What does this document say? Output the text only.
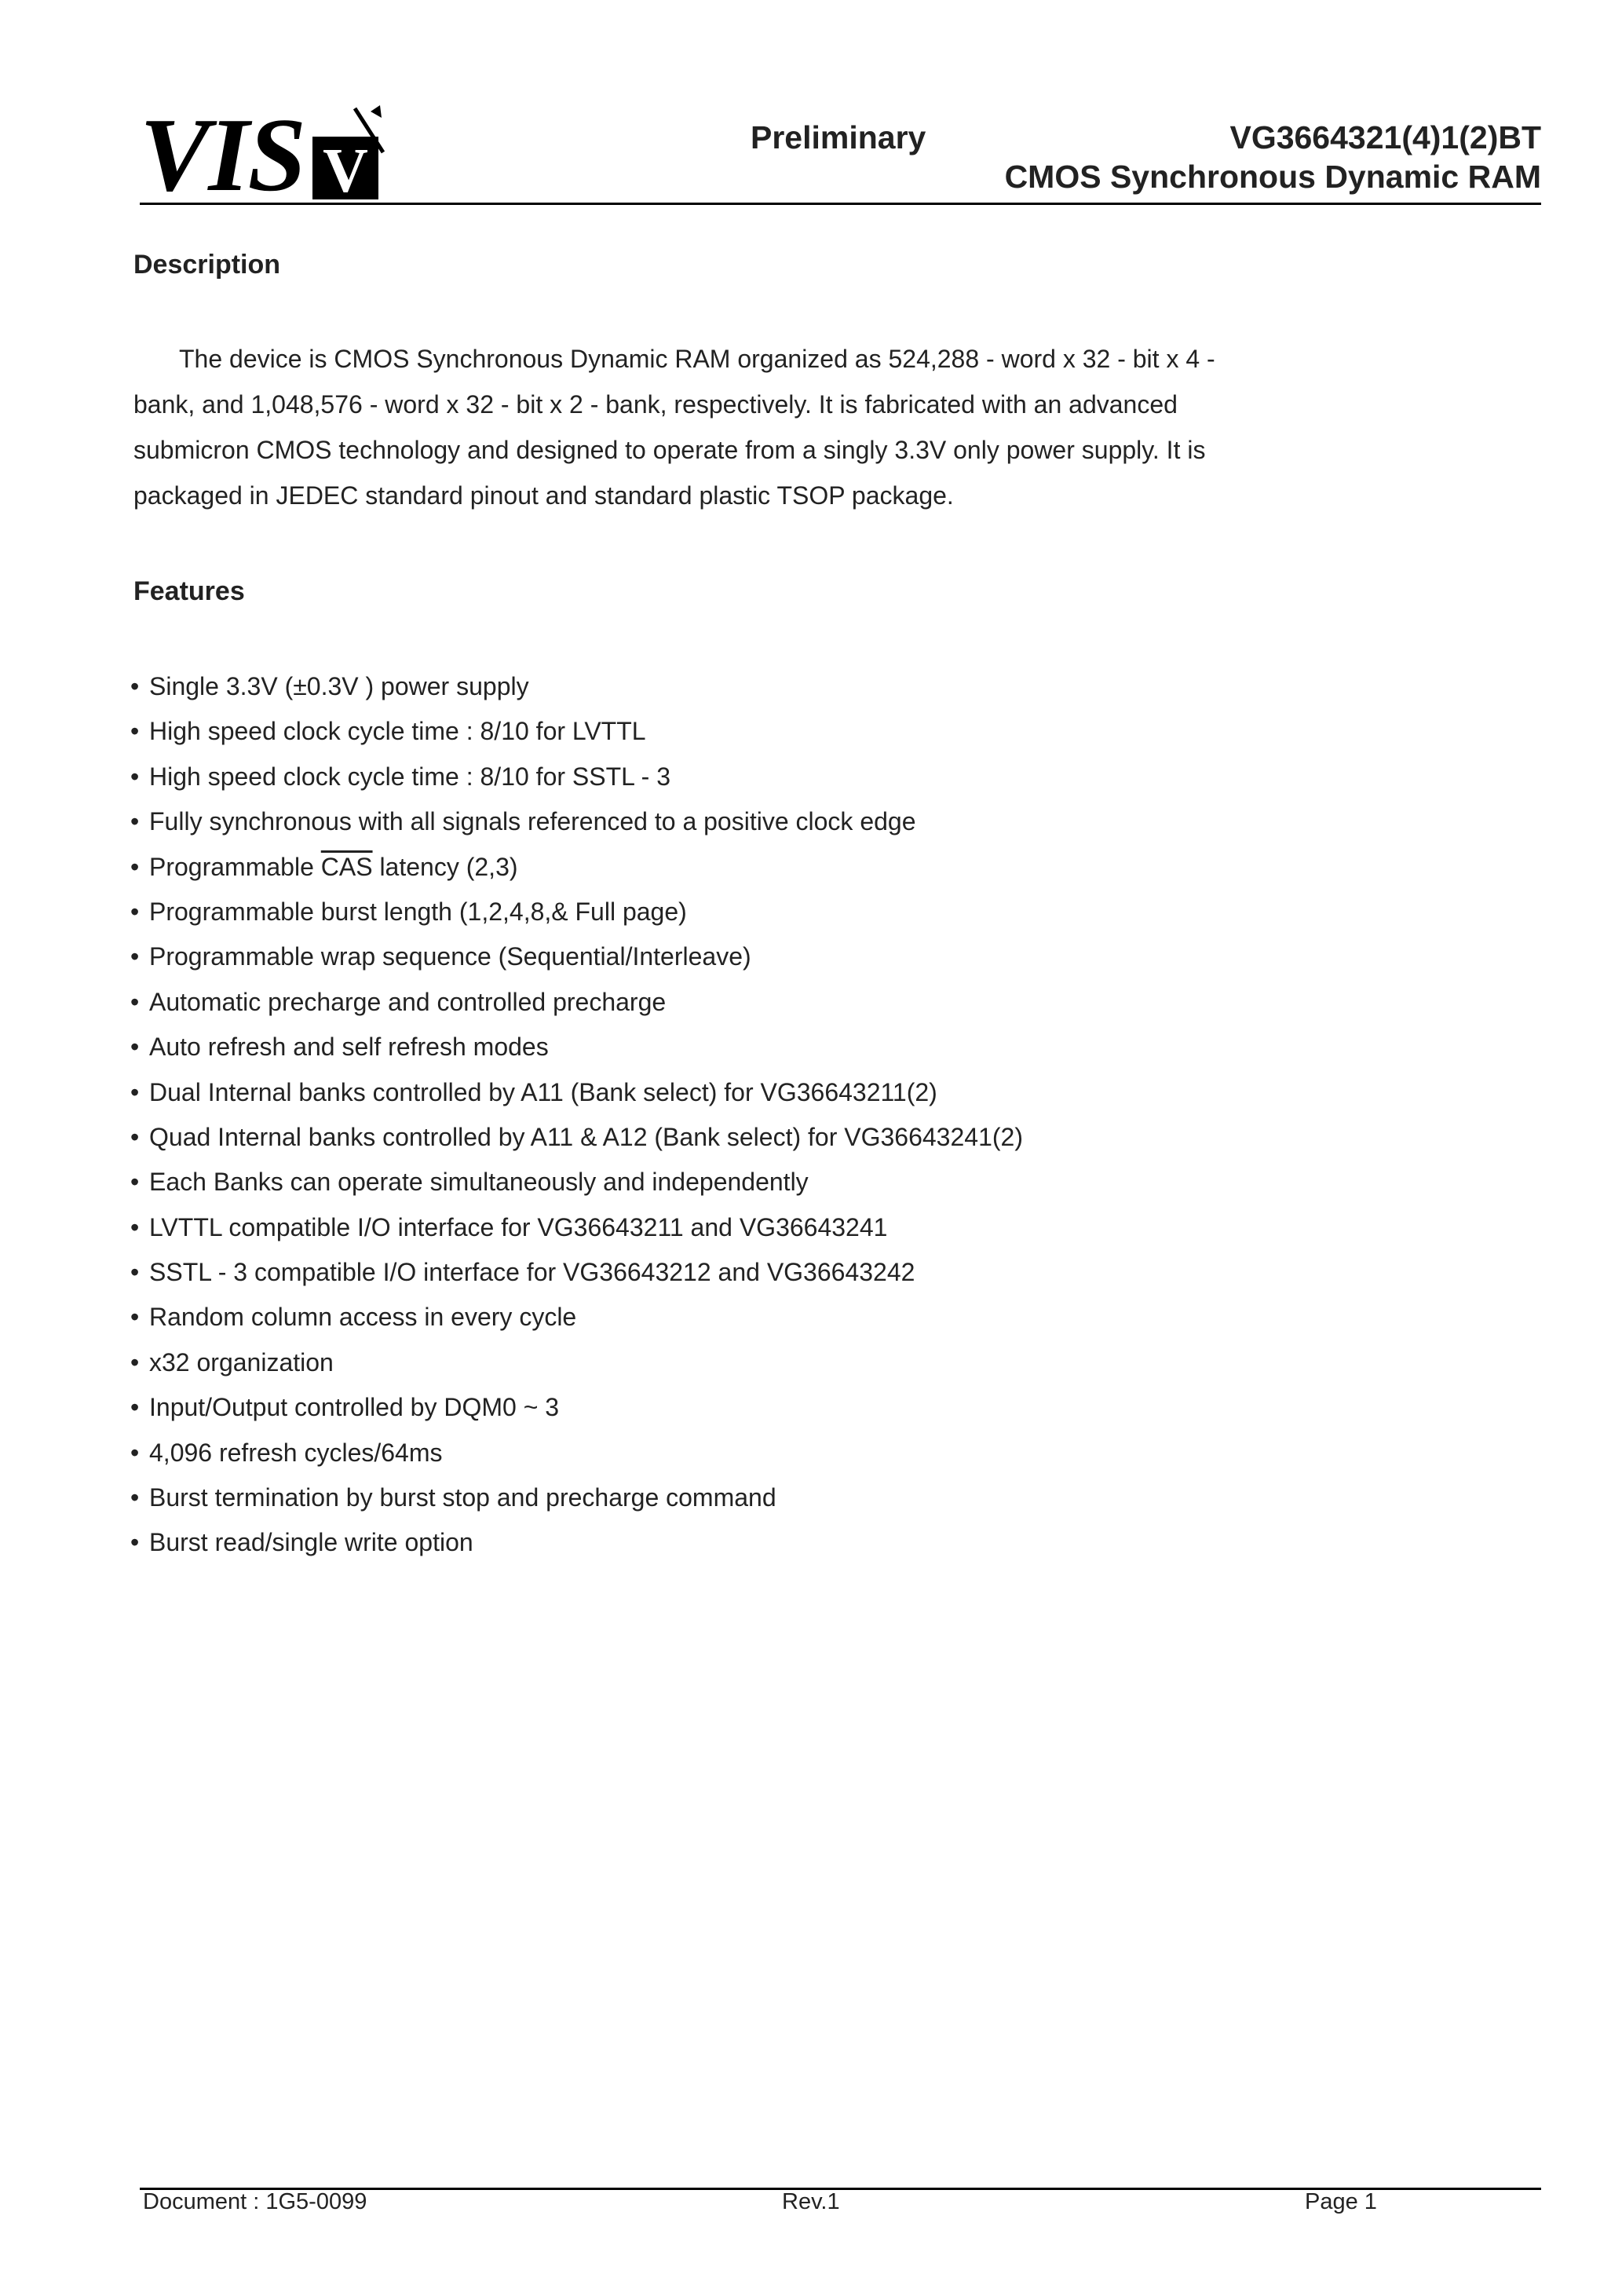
VIS V	Preliminary	VG3664321(4)1(2)BT
CMOS Synchronous Dynamic RAM
Description
The device is CMOS Synchronous Dynamic RAM organized as 524,288 - word x 32 - bit x 4 - bank, and 1,048,576 - word x 32 - bit x 2 - bank, respectively. It is fabricated with an advanced submicron CMOS technology and designed to operate from a singly 3.3V only power supply. It is packaged in JEDEC standard pinout and standard plastic TSOP package.
Features
• Single 3.3V (±0.3V ) power supply
• High speed clock cycle time : 8/10 for LVTTL
• High speed clock cycle time : 8/10 for SSTL - 3
• Fully synchronous with all signals referenced to a positive clock edge
• Programmable $\overline{CAS}$ latency (2,3)
• Programmable burst length (1,2,4,8,& Full page)
• Programmable wrap sequence (Sequential/Interleave)
• Automatic precharge and controlled precharge
• Auto refresh and self refresh modes
• Dual Internal banks controlled by A11 (Bank select) for VG36643211(2)
• Quad Internal banks controlled by A11 & A12 (Bank select) for VG36643241(2)
• Each Banks can operate simultaneously and independently
• LVTTL compatible I/O interface for VG36643211 and VG36643241
• SSTL - 3 compatible I/O interface for VG36643212 and VG36643242
• Random column access in every cycle
• x32 organization
• Input/Output controlled by DQM0 ~ 3
• 4,096 refresh cycles/64ms
• Burst termination by burst stop and precharge command
• Burst read/single write option
Document : 1G5-0099	Rev.1	Page 1
